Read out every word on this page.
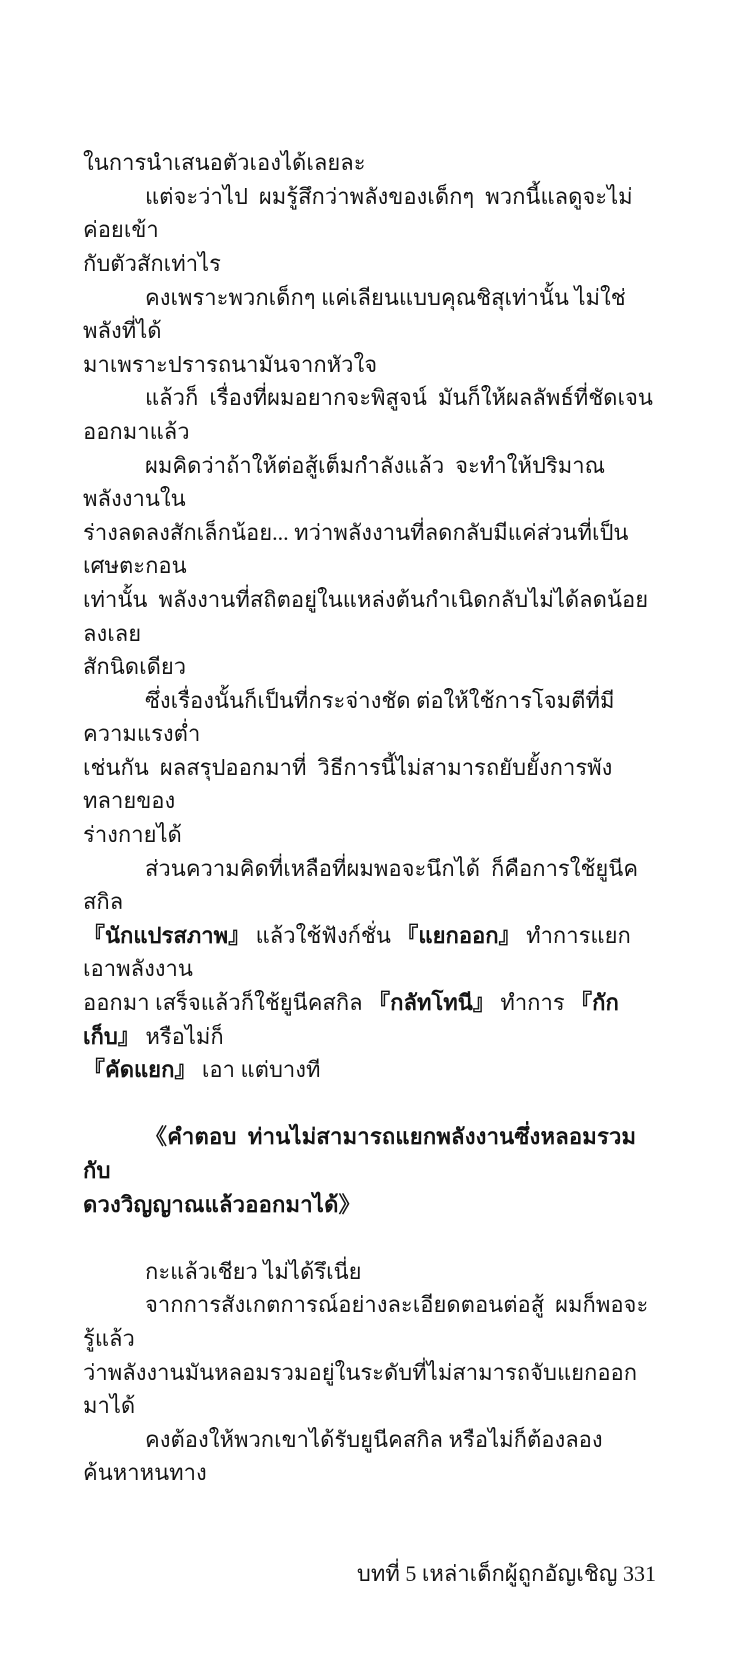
ในการนำเสนอตัวเองได้เลยละ
แต่จะว่าไป  ผมรู้สึกว่าพลังของเด็กๆ  พวกนี้แลดูจะไม่ค่อยเข้า
กับตัวสักเท่าไร
คงเพราะพวกเด็กๆ แค่เลียนแบบคุณชิสุเท่านั้น ไม่ใช่พลังที่ได้
มาเพราะปรารถนามันจากหัวใจ
แล้วก็  เรื่องที่ผมอยากจะพิสูจน์  มันก็ให้ผลลัพธ์ที่ชัดเจน
ออกมาแล้ว
ผมคิดว่าถ้าให้ต่อสู้เต็มกำลังแล้ว  จะทำให้ปริมาณพลังงานใน
ร่างลดลงสักเล็กน้อย... ทว่าพลังงานที่ลดกลับมีแค่ส่วนที่เป็นเศษตะกอน
เท่านั้น  พลังงานที่สถิตอยู่ในแหล่งต้นกำเนิดกลับไม่ได้ลดน้อยลงเลย
สักนิดเดียว
ซึ่งเรื่องนั้นก็เป็นที่กระจ่างชัด ต่อให้ใช้การโจมตีที่มีความแรงต่ำ
เช่นกัน  ผลสรุปออกมาที่  วิธีการนี้ไม่สามารถยับยั้งการพังทลายของ
ร่างกายได้
ส่วนความคิดที่เหลือที่ผมพอจะนึกได้  ก็คือการใช้ยูนีคสกิล
『นักแปรสภาพ』 แล้วใช้ฟังก์ชั่น 『แยกออก』 ทำการแยกเอาพลังงาน
ออกมา เสร็จแล้วก็ใช้ยูนีคสกิล 『กลัทโทนี』 ทำการ 『กักเก็บ』 หรือไม่ก็
『คัดแยก』 เอา แต่บางที
《คำตอบ  ท่านไม่สามารถแยกพลังงานซึ่งหลอมรวมกับ
ดวงวิญญาณแล้วออกมาได้》
กะแล้วเชียว ไม่ได้รึเนี่ย
จากการสังเกตการณ์อย่างละเอียดตอนต่อสู้  ผมก็พอจะรู้แล้ว
ว่าพลังงานมันหลอมรวมอยู่ในระดับที่ไม่สามารถจับแยกออกมาได้
คงต้องให้พวกเขาได้รับยูนีคสกิล หรือไม่ก็ต้องลองค้นหาหนทาง

บทที่ 5 เหล่าเด็กผู้ถูกอัญเชิญ 331
